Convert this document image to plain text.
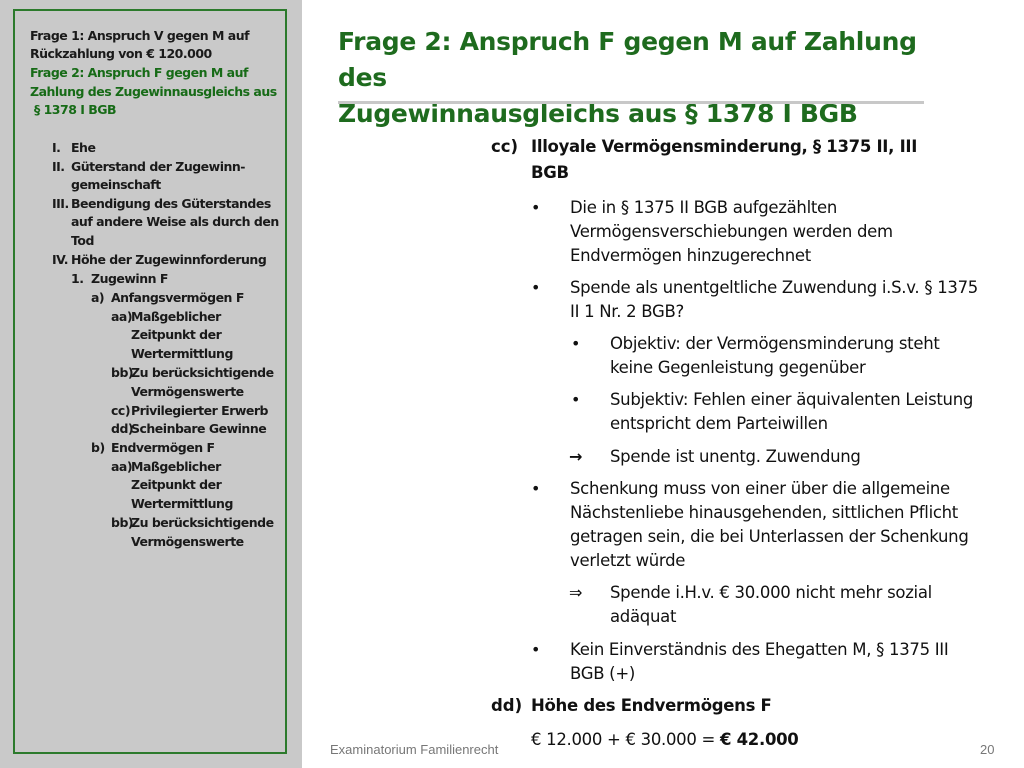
Frage 1: Anspruch V gegen M auf
Rückzahlung von € 120.000
Frage 2: Anspruch F gegen M auf
Zahlung des Zugewinnausgleichs aus
§ 1378 I BGB
I. Ehe
II. Güterstand der Zugewinn-
gemeinschaft
III. Beendigung des Güterstandes
auf andere Weise als durch den
Tod
IV. Höhe der Zugewinnforderung
1. Zugewinn F
a) Anfangsvermögen F
aa)
Maßgeblicher
Zeitpunkt der
Wertermittlung
bb)
Zu berücksichtigende
Vermögenswerte
cc) Privilegierter Erwerb
dd)
Scheinbare Gewinne
b) Endvermögen F
aa)
Maßgeblicher
Zeitpunkt der
Wertermittlung
bb)
Zu berücksichtigende
Vermögenswerte
Frage 2: Anspruch F gegen M auf Zahlung des
Zugewinnausgleichs aus § 1378 I BGB
cc) Illoyale Vermögensminderung, § 1375 II, III
BGB
• Die in § 1375 II BGB aufgezählten
Vermögensverschiebungen werden dem
Endvermögen hinzugerechnet
• Spende als unentgeltliche Zuwendung i.S.v. § 1375
II 1 Nr. 2 BGB?
• Objektiv: der Vermögensminderung steht
keine Gegenleistung gegenüber
• Subjektiv: Fehlen einer äquivalenten Leistung
entspricht dem Parteiwillen
→ Spende ist unentg. Zuwendung
• Schenkung muss von einer über die allgemeine
Nächstenliebe hinausgehenden, sittlichen Pflicht
getragen sein, die bei Unterlassen der Schenkung
verletzt würde
⇒ Spende i.H.v. € 30.000 nicht mehr sozial
adäquat
• Kein Einverständnis des Ehegatten M, § 1375 III
BGB (+)
dd) Höhe des Endvermögens F
€ 12.000 + € 30.000 = € 42.000
Examinatorium Familienrecht	20
